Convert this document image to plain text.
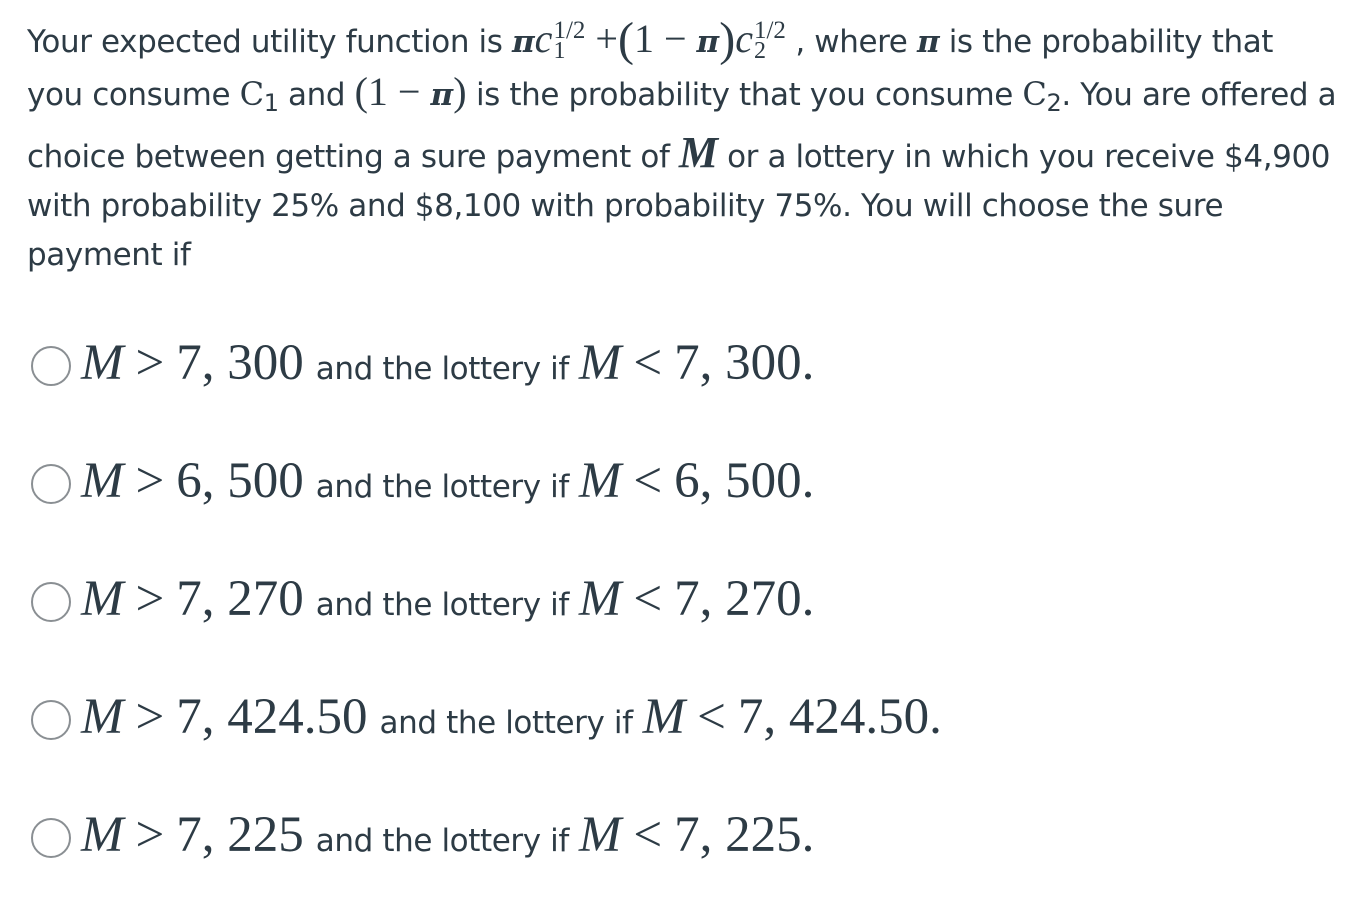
Your expected utility function is πc 1/2
1 +(1 − π)c 1/2
2 , where π is the probability that you consume $C_1$ and (1 − π) is the probability that you consume $C_2$. You are offered a choice between getting a sure payment of M or a lottery in which you receive $4,900 with probability 25% and $8,100 with probability 75%. You will choose the sure payment if
M > 7, 300 and the lottery if M < 7, 300.
M > 6, 500 and the lottery if M < 6, 500.
M > 7, 270 and the lottery if M < 7, 270.
M > 7, 424.50 and the lottery if M < 7, 424.50.
M > 7, 225 and the lottery if M < 7, 225.
